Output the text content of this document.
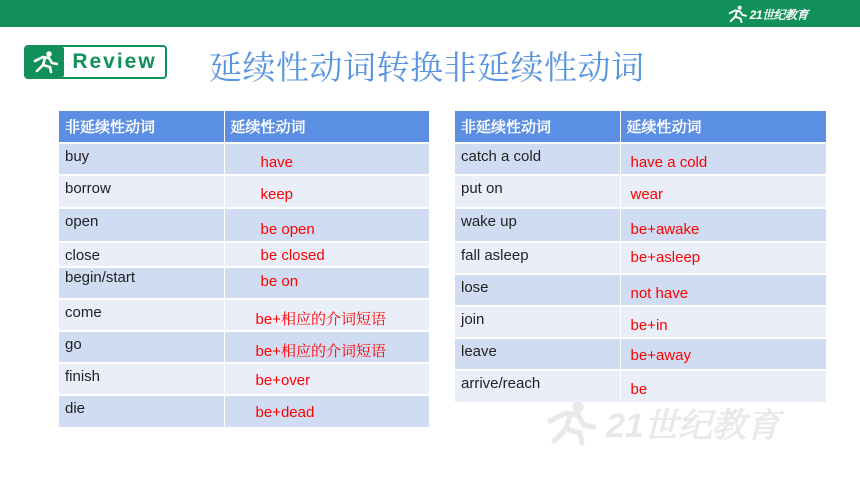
21世纪教育
Review 延续性动词转换非延续性动词
非延续性动词	延续性动词
buy	have
borrow	keep
open	be open
close	be closed
begin/start	be on
come	be+相应的介词短语
go	be+相应的介词短语
finish	be+over
die	be+dead
非延续性动词	延续性动词
catch a cold	have a cold
put on	wear
wake up	be+awake
fall asleep	be+asleep
lose	not have
join	be+in
leave	be+away
arrive/reach	be
21世纪教育
